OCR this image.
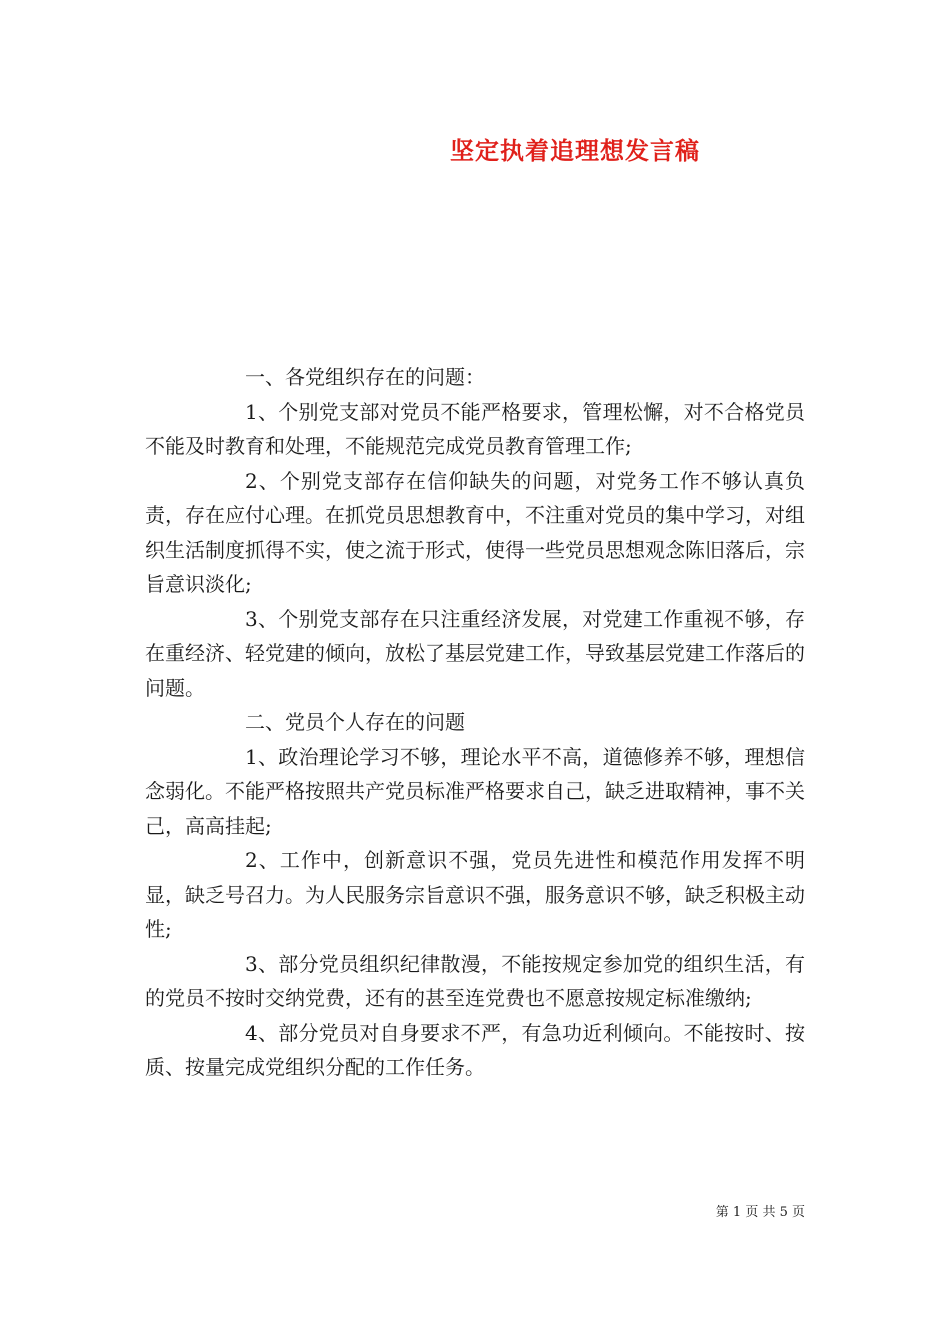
坚定执着追理想发言稿

一、各党组织存在的问题：

1、个别党支部对党员不能严格要求，管理松懈，对不合格党员不能及时教育和处理，不能规范完成党员教育管理工作;

2、个别党支部存在信仰缺失的问题，对党务工作不够认真负责，存在应付心理。在抓党员思想教育中，不注重对党员的集中学习，对组织生活制度抓得不实，使之流于形式，使得一些党员思想观念陈旧落后，宗旨意识淡化;

3、个别党支部存在只注重经济发展，对党建工作重视不够，存在重经济、轻党建的倾向，放松了基层党建工作，导致基层党建工作落后的问题。

二、党员个人存在的问题

1、政治理论学习不够，理论水平不高，道德修养不够，理想信念弱化。不能严格按照共产党员标准严格要求自己，缺乏进取精神，事不关己，高高挂起;

2、工作中，创新意识不强，党员先进性和模范作用发挥不明显，缺乏号召力。为人民服务宗旨意识不强，服务意识不够，缺乏积极主动性;

3、部分党员组织纪律散漫，不能按规定参加党的组织生活，有的党员不按时交纳党费，还有的甚至连党费也不愿意按规定标准缴纳;

4、部分党员对自身要求不严，有急功近利倾向。不能按时、按质、按量完成党组织分配的工作任务。

第 1 页 共 5 页
